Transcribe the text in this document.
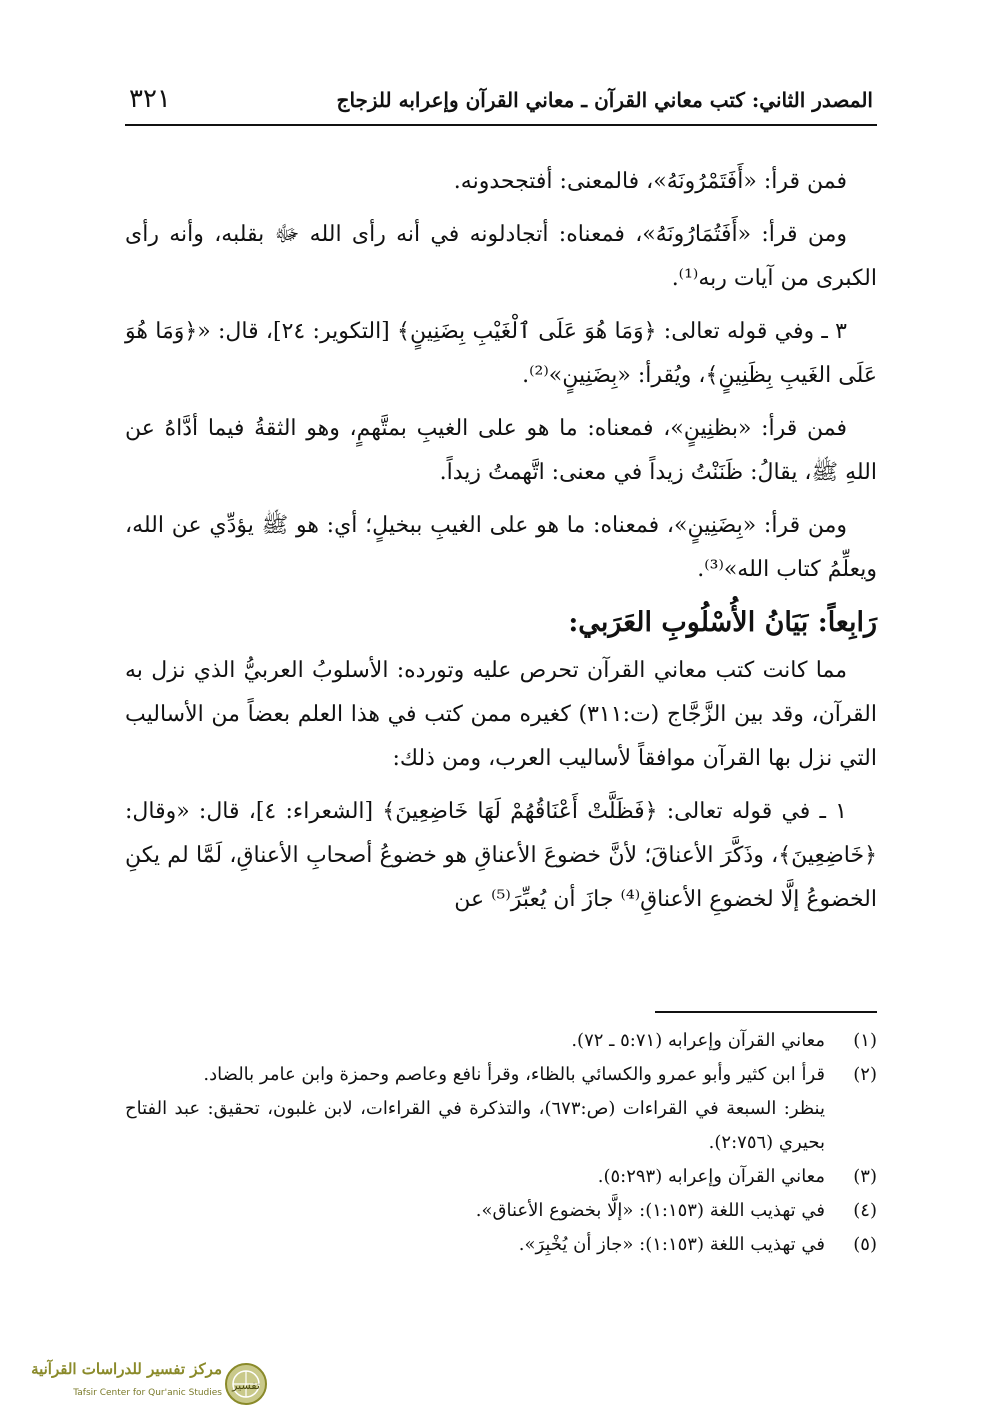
المصدر الثاني: كتب معاني القرآن ـ معاني القرآن وإعرابه للزجاج
٣٢١

فمن قرأ: «أَفَتَمْرُونَهُ»، فالمعنى: أفتجحدونه.

ومن قرأ: «أَفَتُمَارُونَهُ»، فمعناه: أتجادلونه في أنه رأى الله ﷻ بقلبه، وأنه رأى الكبرى من آيات ربه⁽¹⁾.

٣ ـ وفي قوله تعالى: ﴿وَمَا هُوَ عَلَى ٱلْغَيْبِ بِضَنِينٍ﴾ [التكوير: ٢٤]، قال: «﴿وَمَا هُوَ عَلَى الغَيبِ بِظَنِينٍ﴾، ويُقرأ: «بِضَنِينٍ»⁽²⁾.

فمن قرأ: «بظنِينٍ»، فمعناه: ما هو على الغيبِ بمتَّهمٍ، وهو الثقةُ فيما أدَّاهُ عن اللهِ ﷺ، يقالُ: ظَنَنْتُ زيداً في معنى: اتَّهمتُ زيداً.

ومن قرأ: «بِضَنِينٍ»، فمعناه: ما هو على الغيبِ ببخيلٍ؛ أي: هو ﷺ يؤدِّي عن الله، ويعلِّمُ كتاب الله»⁽³⁾.

رَابِعاً: بَيَانُ الأُسْلُوبِ العَرَبي:

مما كانت كتب معاني القرآن تحرص عليه وتورده: الأسلوبُ العربيُّ الذي نزل به القرآن، وقد بين الزَّجَّاج (ت:٣١١) كغيره ممن كتب في هذا العلم بعضاً من الأساليب التي نزل بها القرآن موافقاً لأساليب العرب، ومن ذلك:

١ ـ في قوله تعالى: ﴿فَظَلَّتْ أَعْنَاقُهُمْ لَهَا خَاضِعِينَ﴾ [الشعراء: ٤]، قال: «وقال: ﴿خَاضِعِينَ﴾، وذَكَّرَ الأعناقَ؛ لأنَّ خضوعَ الأعناقِ هو خضوعُ أصحابِ الأعناقِ، لَمَّا لم يكنِ الخضوعُ إلَّا لخضوعِ الأعناقِ⁽⁴⁾ جازَ أن يُعبِّرَ⁽⁵⁾ عن

(١)
معاني القرآن وإعرابه (٥:٧١ ـ ٧٢).
(٢)
قرأ ابن كثير وأبو عمرو والكسائي بالظاء، وقرأ نافع وعاصم وحمزة وابن عامر بالضاد.
ينظر: السبعة في القراءات (ص:٦٧٣)، والتذكرة في القراءات، لابن غلبون، تحقيق: عبد الفتاح بحيري (٢:٧٥٦).
(٣)
معاني القرآن وإعرابه (٥:٢٩٣).
(٤)
في تهذيب اللغة (١:١٥٣): «إلَّا بخضوع الأعناق».
(٥)
في تهذيب اللغة (١:١٥٣): «جاز أن يُخْبِرَ».
تفسير
مركز تفسير للدراسات القرآنية
Tafsir Center for Qur'anic Studies
